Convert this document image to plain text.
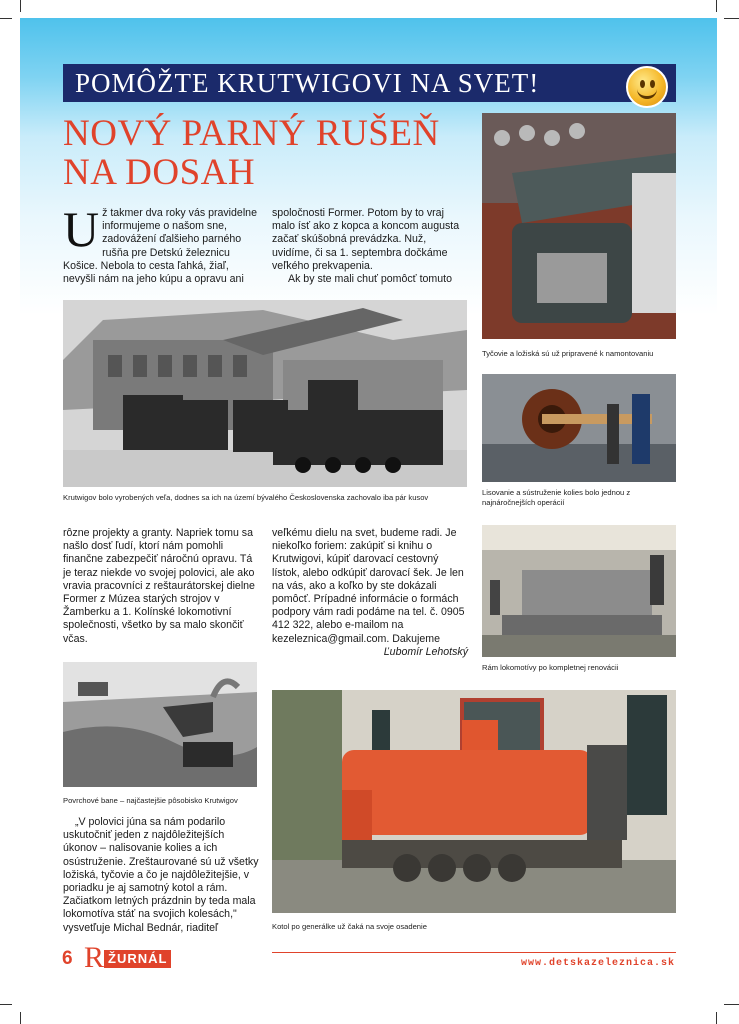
POMÔŽTE KRUTWIGOVI NA SVET!
NOVÝ PARNÝ RUŠEŇ
NA DOSAH

Už takmer dva roky vás pravidelne informujeme o našom sne, zadovážení ďalšieho parného rušňa pre Detskú železnicu Košice. Nebola to cesta ľahká, žiaľ, nevyšli nám na jeho kúpu a opravu ani

spoločnosti Former. Potom by to vraj malo ísť ako z kopca a koncom augusta začať skúšobná prevádzka. Nuž, uvidíme, či sa 1. septembra dočkáme veľkého prekvapenia.

Ak by ste mali chuť pomôcť tomuto

Krutwigov bolo vyrobených veľa, dodnes sa ich na území bývalého Československa zachovalo iba pár kusov

rôzne projekty a granty. Napriek tomu sa našlo dosť ľudí, ktorí nám pomohli finančne zabezpečiť náročnú opravu. Tá je teraz niekde vo svojej polovici, ale ako vravia pracovníci z reštaurátorskej dielne Former z Múzea starých strojov v Žamberku a 1. Kolínské lokomotivní společnosti, všetko by sa malo skončiť včas.

veľkému dielu na svet, budeme radi. Je niekoľko foriem: zakúpiť si knihu o Krutwigovi, kúpiť darovací cestovný lístok, alebo odkúpiť darovací šek. Je len na vás, ako a koľko by ste dokázali pomôcť. Prípadné informácie o formách podpory vám radi podáme na tel. č. 0905 412 322, alebo e-mailom na kezeleznica@gmail.com. Dakujeme

Ľubomír Lehotský

Povrchové bane – najčastejšie pôsobisko Krutwigov

„V polovici júna sa nám podarilo uskutočniť jeden z najdôležitejších úkonov – nalisovanie kolies a ich osústruženie. Zreštaurované sú už všetky ložiská, tyčovie a čo je najdôležitejšie, v poriadku je aj samotný kotol a rám. Začiatkom letných prázdnin by teda mala lokomotíva stáť na svojich kolesách," vysvetľuje Michal Bednár, riaditeľ

Tyčovie a ložiská sú už pripravené k namontovaniu
Lisovanie a sústruženie kolies bolo jednou z najnáročnejších operácií
Rám lokomotívy po kompletnej renovácii
Kotol po generálke už čaká na svoje osadenie
6 R ŽURNÁL	www.detskazeleznica.sk
